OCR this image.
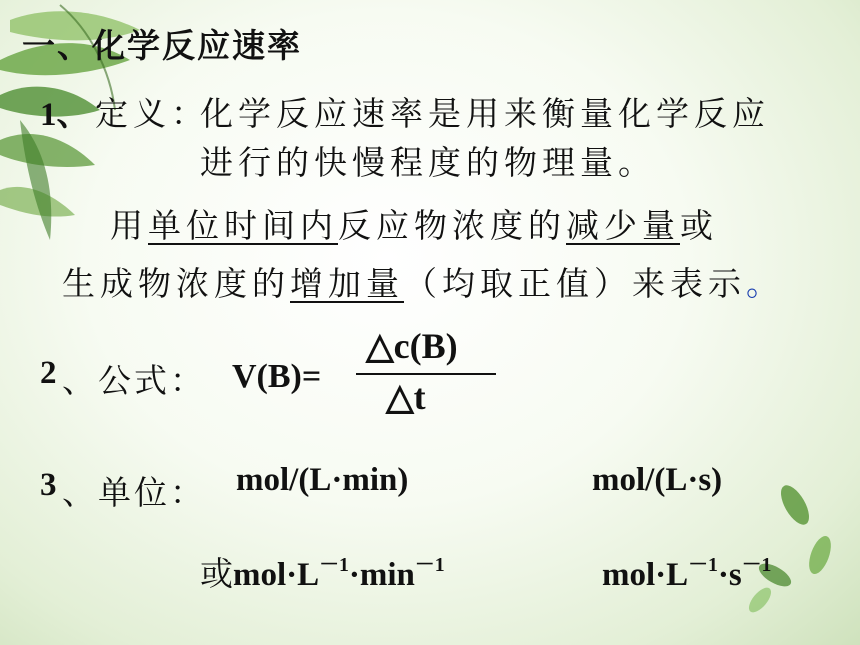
一、化学反应速率
1、 定义：
化学反应速率是用来衡量化学反应
进行的快慢程度的物理量。
用单位时间内反应物浓度的减少量或
生成物浓度的增加量（均取正值）来表示。
2 、公式： V(B)=
△c(B)
△t
3 、单位： mol/(L·min)	mol/(L·s)
或$mol\cdot L^{-1}\cdot\min^{-1}$	$mol\cdot L^{-1}\cdot s^{-1}$
